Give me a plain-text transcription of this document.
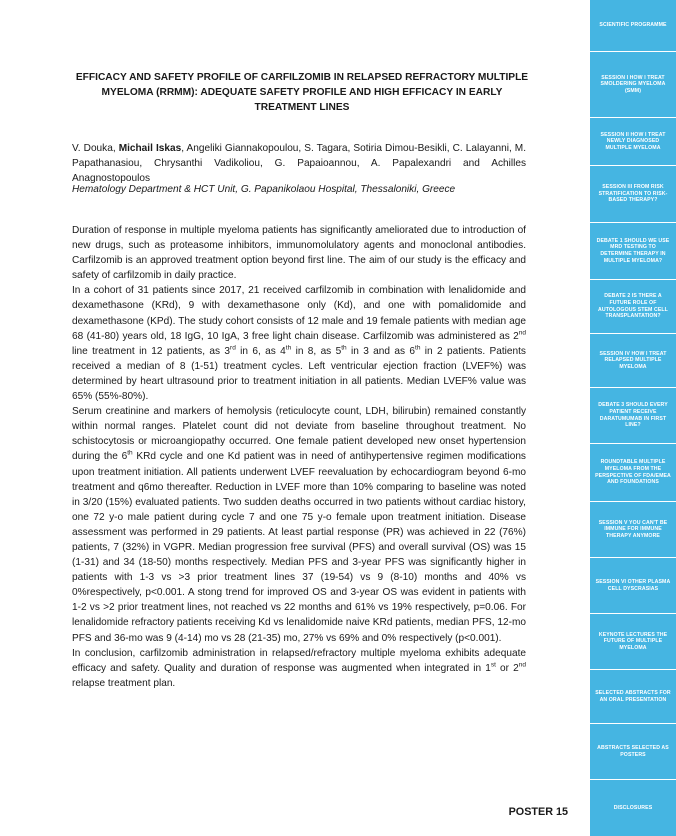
EFFICACY AND SAFETY PROFILE OF CARFILZOMIB IN RELAPSED REFRACTORY MULTIPLE MYELOMA (RRMM): ADEQUATE SAFETY PROFILE AND HIGH EFFICACY IN EARLY TREATMENT LINES
V. Douka, Michail Iskas, Angeliki Giannakopoulou, S. Tagara, Sotiria Dimou-Besikli, C. Lalayanni, M. Papathanasiou, Chrysanthi Vadikoliou, G. Papaioannou, A. Papalexandri and Achilles Anagnostopoulos
Hematology Department & HCT Unit, G. Papanikolaou Hospital, Thessaloniki, Greece

Duration of response in multiple myeloma patients has significantly ameliorated due to introduction of new drugs, such as proteasome inhibitors, immunomolulatory agents and monoclonal antibodies. Carfilzomib is an approved treatment option beyond first line. The aim of our study is the efficacy and safety of carfilzomib in daily practice.

In a cohort of 31 patients since 2017, 21 received carfilzomib in combination with lenalidomide and dexamethasone (KRd), 9 with dexamethasone only (Kd), and one with pomalidomide and dexamethasone (KPd). The study cohort consists of 12 male and 19 female patients with median age 68 (41-80) years old, 18 IgG, 10 IgA, 3 free light chain disease. Carfilzomib was administered as 2nd line treatment in 12 patients, as 3rd in 6, as 4th in 8, as 5th in 3 and as 6th in 2 patients. Patients received a median of 8 (1-51) treatment cycles. Left ventricular ejection fraction (LVEF%) was determined by heart ultrasound prior to treatment initiation in all patients. Median LVEF% value was 65% (55%-80%).

Serum creatinine and markers of hemolysis (reticulocyte count, LDH, bilirubin) remained constantly within normal ranges. Platelet count did not deviate from baseline throughout treatment. No schistocytosis or microangiopathy occurred. One female patient developed new onset hypertension during the 6th KRd cycle and one Kd patient was in need of antihypertensive regimen modifications upon treatment initiation. All patients underwent LVEF reevaluation by echocardiogram beyond 6-mo treatment and q6mo thereafter. Reduction in LVEF more than 10% comparing to baseline was noted in 3/20 (15%) evaluated patients. Two sudden deaths occurred in two patients without cardiac history, one 72 y-o male patient during cycle 7 and one 75 y-o female upon treatment initiation. Disease assessment was performed in 29 patients. At least partial response (PR) was achieved in 22 (76%) patients, 7 (32%) in VGPR. Median progression free survival (PFS) and overall survival (OS) was 15 (1-31) and 34 (18-50) months respectively. Median PFS and 3-year PFS was significantly higher in patients with 1-3 vs >3 prior treatment lines 37 (19-54) vs 9 (8-10) months and 40% vs 0%respectively, p<0.001. A stong trend for improved OS and 3-year OS was evident in patients with 1-2 vs >2 prior treatment lines, not reached vs 22 months and 61% vs 19% respectively, p=0.06. For lenalidomide refractory patients receiving Kd vs lenalidomide naive KRd patients, median PFS, 12-mo PFS and 36-mo was 9 (4-14) mo vs 28 (21-35) mo, 27% vs 69% and 0% respectively (p<0.001).

In conclusion, carfilzomib administration in relapsed/refractory multiple myeloma exhibits adequate efficacy and safety. Quality and duration of response was augmented when integrated in 1st or 2nd relapse treatment plan.

POSTER 15
SCIENTIFIC PROGRAMME
SESSION I HOW I TREAT SMOLDERING MYELOMA (SMM)
SESSION II HOW I TREAT NEWLY DIAGNOSED MULTIPLE MYELOMA
SESSION III FROM RISK STRATIFICATION TO RISK-BASED THERAPY?
DEBATE 1 SHOULD WE USE MRD TESTING TO DETERMINE THERAPY IN MULTIPLE MYELOMA?
DEBATE 2 IS THERE A FUTURE ROLE OF AUTOLOGOUS STEM CELL TRANSPLANTATION?
SESSION IV HOW I TREAT RELAPSED MULTIPLE MYELOMA
DEBATE 3 SHOULD EVERY PATIENT RECEIVE DARATUMUMAB IN FIRST LINE?
ROUNDTABLE MULTIPLE MYELOMA FROM THE PERSPECTIVE OF FDA/EMEA AND FOUNDATIONS
SESSION V YOU CAN'T BE IMMUNE FOR IMMUNE THERAPY ANYMORE
SESSION VI OTHER PLASMA CELL DYSCRASIAS
KEYNOTE LECTURES THE FUTURE OF MULTIPLE MYELOMA
SELECTED ABSTRACTS FOR AN ORAL PRESENTATION
ABSTRACTS SELECTED AS POSTERS
DISCLOSURES
